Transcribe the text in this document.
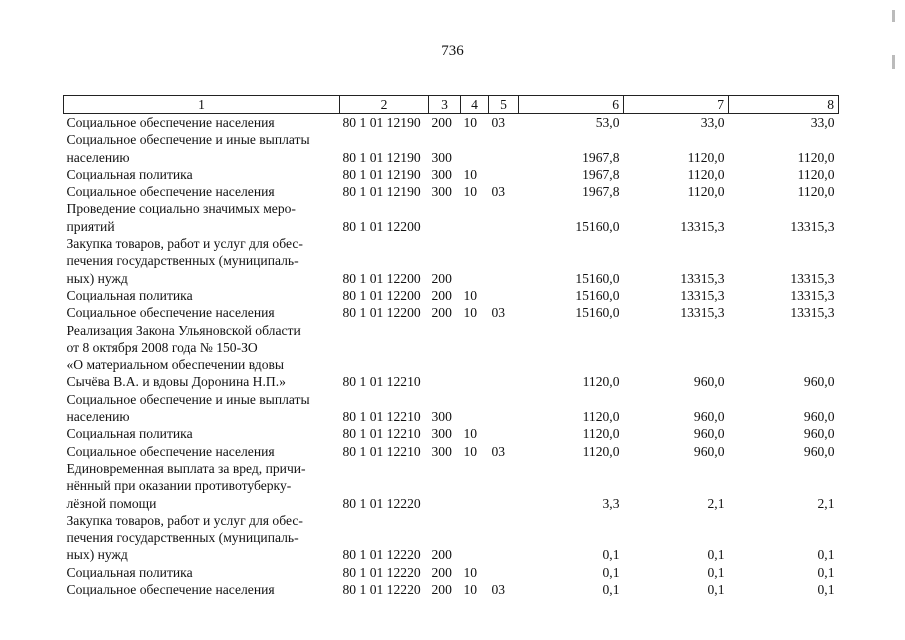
736
1	2	3	4	5	6	7	8
Социальное обеспечение населения	80 1 01 12190	200	10	03	53,0	33,0	33,0
Социальное обеспечение и иные выплаты							
населению	80 1 01 12190	300			1967,8	1120,0	1120,0
Социальная политика	80 1 01 12190	300	10		1967,8	1120,0	1120,0
Социальное обеспечение населения	80 1 01 12190	300	10	03	1967,8	1120,0	1120,0
Проведение социально значимых меро-							
приятий	80 1 01 12200				15160,0	13315,3	13315,3
Закупка товаров, работ и услуг для обес-							
печения государственных (муниципаль-							
ных) нужд	80 1 01 12200	200			15160,0	13315,3	13315,3
Социальная политика	80 1 01 12200	200	10		15160,0	13315,3	13315,3
Социальное обеспечение населения	80 1 01 12200	200	10	03	15160,0	13315,3	13315,3
Реализация Закона Ульяновской области							
от 8 октября 2008 года № 150-ЗО							
«О материальном обеспечении вдовы							
Сычёва В.А. и вдовы Доронина Н.П.»	80 1 01 12210				1120,0	960,0	960,0
Социальное обеспечение и иные выплаты							
населению	80 1 01 12210	300			1120,0	960,0	960,0
Социальная политика	80 1 01 12210	300	10		1120,0	960,0	960,0
Социальное обеспечение населения	80 1 01 12210	300	10	03	1120,0	960,0	960,0
Единовременная выплата за вред, причи-							
нённый при оказании противотуберку-							
лёзной помощи	80 1 01 12220				3,3	2,1	2,1
Закупка товаров, работ и услуг для обес-							
печения государственных (муниципаль-							
ных) нужд	80 1 01 12220	200			0,1	0,1	0,1
Социальная политика	80 1 01 12220	200	10		0,1	0,1	0,1
Социальное обеспечение населения	80 1 01 12220	200	10	03	0,1	0,1	0,1
